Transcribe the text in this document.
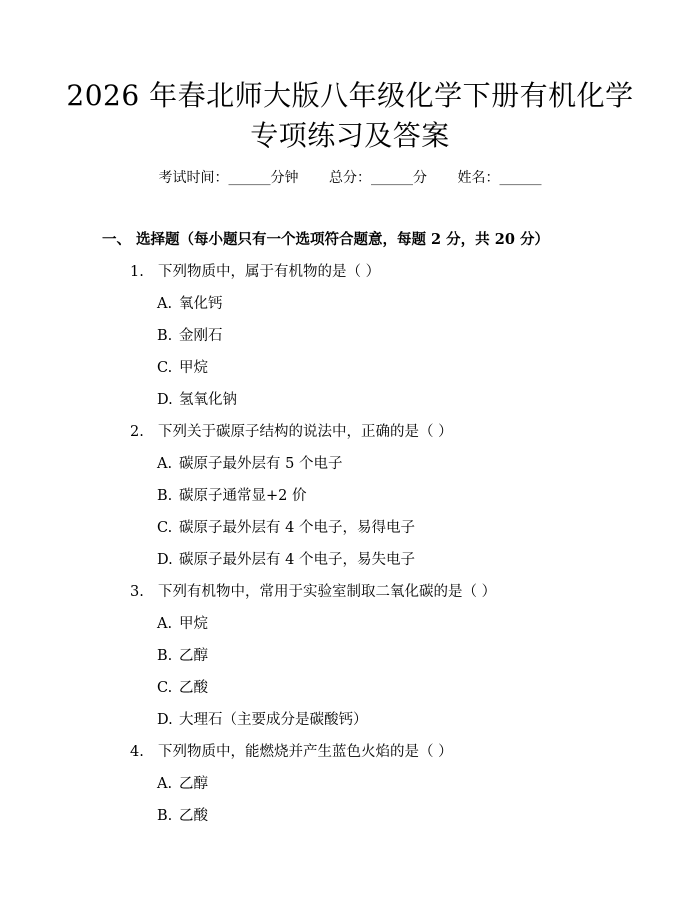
2026 年春北师大版八年级化学下册有机化学
专项练习及答案
考试时间：______分钟 总分：______分 姓名：______
一、 选择题（每小题只有一个选项符合题意，每题 2 分，共 20 分）
1. 下列物质中，属于有机物的是（ ）
A. 氧化钙
B. 金刚石
C. 甲烷
D. 氢氧化钠
2. 下列关于碳原子结构的说法中，正确的是（ ）
A. 碳原子最外层有 5 个电子
B. 碳原子通常显+2 价
C. 碳原子最外层有 4 个电子，易得电子
D. 碳原子最外层有 4 个电子，易失电子
3. 下列有机物中，常用于实验室制取二氧化碳的是（ ）
A. 甲烷
B. 乙醇
C. 乙酸
D. 大理石（主要成分是碳酸钙）
4. 下列物质中，能燃烧并产生蓝色火焰的是（ ）
A. 乙醇
B. 乙酸
